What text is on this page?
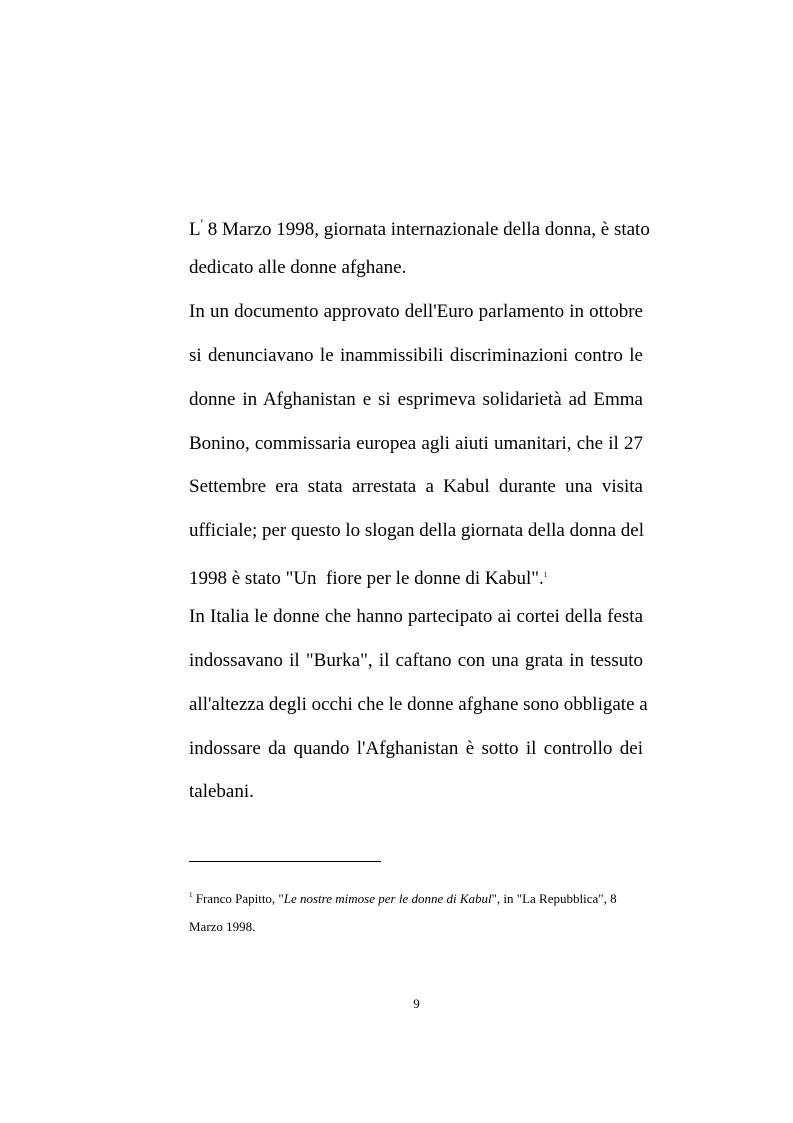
L' 8 Marzo 1998, giornata internazionale della donna, è stato
dedicato alle donne afghane.
In un documento approvato dell'Euro parlamento in ottobre
si denunciavano le inammissibili discriminazioni contro le
donne in Afghanistan e si esprimeva solidarietà ad Emma
Bonino, commissaria europea agli aiuti umanitari, che il 27
Settembre era stata arrestata a Kabul durante una visita
ufficiale; per questo lo slogan della giornata della donna del
1998 è stato "Un  fiore per le donne di Kabul".$^1$
In Italia le donne che hanno partecipato ai cortei della festa
indossavano il "Burka", il caftano con una grata in tessuto
all'altezza degli occhi che le donne afghane sono obbligate a
indossare da quando l'Afghanistan è sotto il controllo dei
talebani.
$^1$ Franco Papitto, "Le nostre mimose per le donne di Kabul", in "La Repubblica", 8
Marzo 1998.
9
